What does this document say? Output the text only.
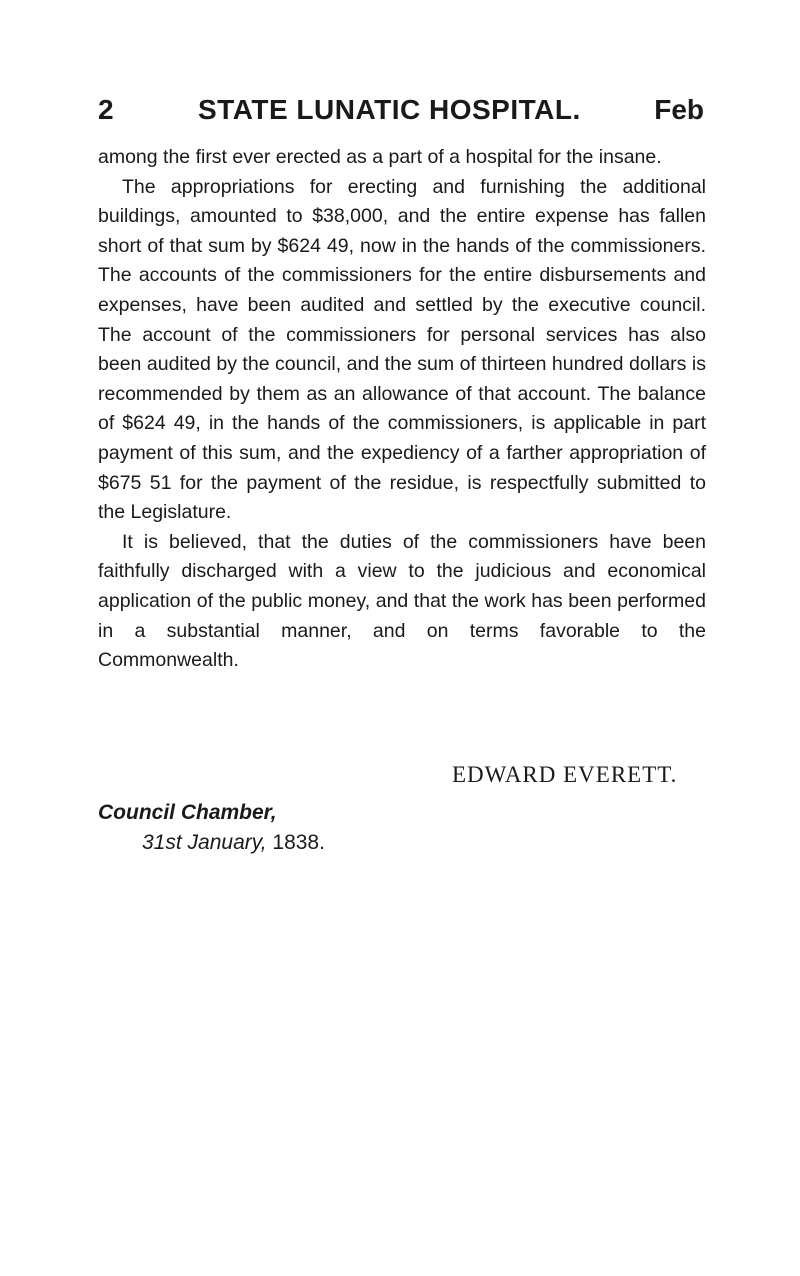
2	STATE LUNATIC HOSPITAL.	Feb

among the first ever erected as a part of a hospital for the insane.

The appropriations for erecting and furnishing the additional buildings, amounted to $38,000, and the entire expense has fallen short of that sum by $624 49, now in the hands of the commissioners. The accounts of the commissioners for the entire disbursements and expenses, have been audited and settled by the executive council. The account of the commissioners for personal services has also been audited by the council, and the sum of thirteen hundred dollars is recommended by them as an allowance of that account. The balance of $624 49, in the hands of the commissioners, is applicable in part payment of this sum, and the expediency of a farther appropriation of $675 51 for the payment of the residue, is respectfully submitted to the Legislature.

It is believed, that the duties of the commissioners have been faithfully discharged with a view to the judicious and economical application of the public money, and that the work has been performed in a substantial manner, and on terms favorable to the Commonwealth.

EDWARD EVERETT.
Council Chamber,
31st January, 1838.
